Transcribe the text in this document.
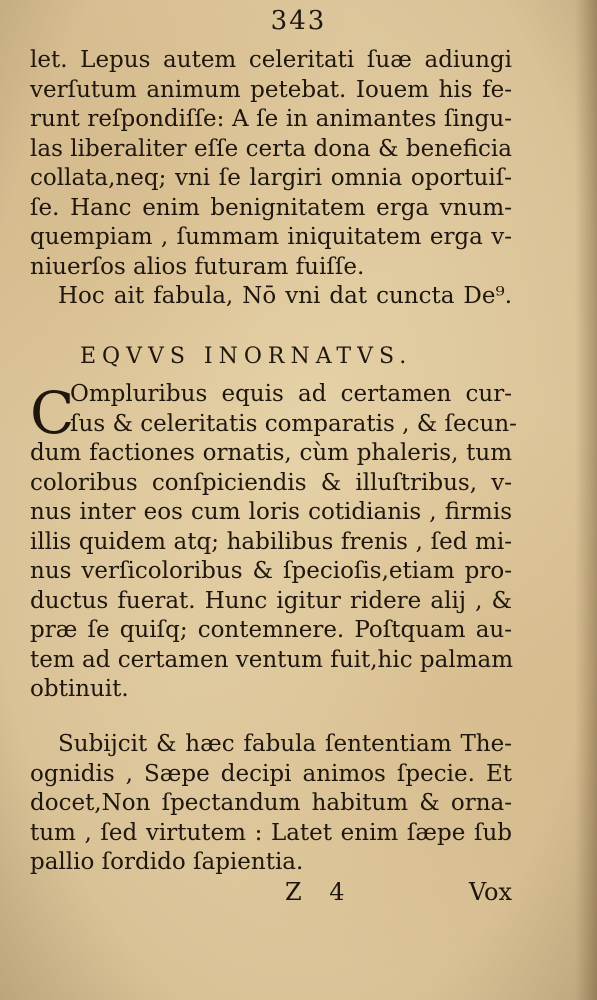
343
let. Lepus autem celeritati ſuæ adiungi
verſutum animum petebat. Iouem his fe-
runt reſpondiſſe: A ſe in animantes ſingu-
las liberaliter eſſe certa dona & beneficia
collata,neq; vni ſe largiri omnia oportuiſ-
ſe. Hanc enim benignitatem erga vnum-
quempiam , ſummam iniquitatem erga v-
niuerſos alios futuram fuiſſe.
Hoc ait fabula, Nō vni dat cuncta De⁹.
EQVVS INORNATVS.
C
Ompluribus equis ad certamen cur-
ſus & celeritatis comparatis , & ſecun-
dum factiones ornatis, cùm phaleris, tum
coloribus conſpiciendis & illuſtribus, v-
nus inter eos cum loris cotidianis , firmis
illis quidem atq; habilibus frenis , ſed mi-
nus verſicoloribus & ſpecioſis,etiam pro-
ductus fuerat. Hunc igitur ridere alij , &
præ ſe quiſq; contemnere. Poſtquam au-
tem ad certamen ventum fuit,hic palmam
obtinuit.
Subijcit & hæc fabula ſententiam The-
ognidis , Sæpe decipi animos ſpecie. Et
docet,Non ſpectandum habitum & orna-
tum , ſed virtutem : Latet enim ſæpe ſub
pallio ſordido ſapientia.
Z 4	Vox
